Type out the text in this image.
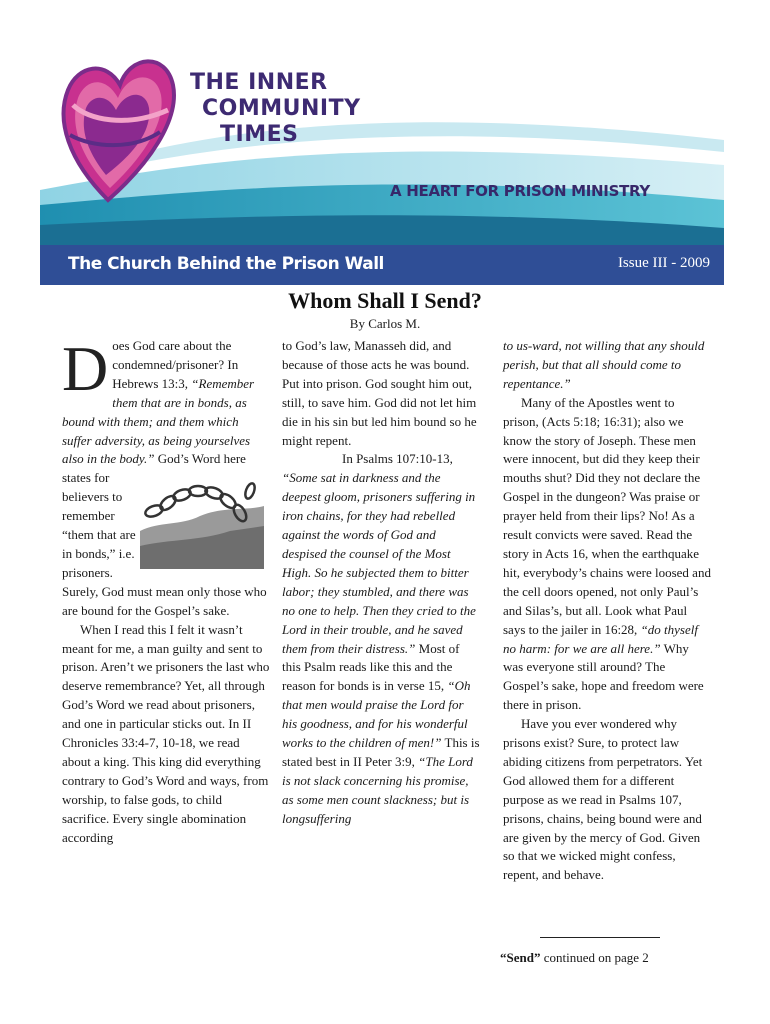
THE INNER
COMMUNITY
TIMES
A HEART FOR PRISON MINISTRY
The Church Behind the Prison Wall	Issue III - 2009
Whom Shall I Send?
By Carlos M.

Does God care about the condemned/prisoner? In Hebrews 13:3, “Remember them that are in bonds, as bound with them; and them which suffer adversity, as being yourselves also in the body.”
God’s Word here states for believers to remember “them that are in bonds,” i.e. prisoners. Surely, God must mean only those who are bound for the Gospel’s sake.

When I read this I felt it wasn’t meant for me, a man guilty and sent to prison. Aren’t we prisoners the last who deserve remembrance? Yet, all through God’s Word we read about prisoners, and one in particular sticks out. In II Chronicles 33:4-7, 10-18, we read about a king. This king did everything contrary to God’s Word and ways, from worship, to false gods, to child sacrifice. Every single abomination according

to God’s law, Manasseh did, and because of those acts he was bound. Put into prison. God sought him out, still, to save him. God did not let him die in his sin but led him bound so he might repent.

In Psalms 107:10-13,“Some sat in darkness and the deepest gloom, prisoners suffering in iron chains, for they had rebelled against the words of God and despised the counsel of the Most High. So he subjected them to bitter labor; they stumbled, and there was no one to help. Then they cried to the Lord in their trouble, and he saved them from their distress.” Most of this Psalm reads like this and the reason for bonds is in verse 15, “Oh that men would praise the Lord for his goodness, and for his wonderful works to the children of men!” This is stated best in II Peter 3:9, “The Lord is not slack concerning his promise, as some men count slackness; but is longsuffering

to us-ward, not willing that any should perish, but that all should come to repentance.”

Many of the Apostles went to prison, (Acts 5:18; 16:31); also we know the story of Joseph. These men were innocent, but did they keep their mouths shut? Did they not declare the Gospel in the dungeon? Was praise or prayer held from their lips? No! As a result convicts were saved. Read the story in Acts 16, when the earthquake hit, everybody’s chains were loosed and the cell doors opened, not only Paul’s and Silas’s, but all. Look what Paul says to the jailer in 16:28, “do thyself no harm: for we are all here.” Why was everyone still around? The Gospel’s sake, hope and freedom were there in prison.

Have you ever wondered why prisons exist? Sure, to protect law abiding citizens from perpetrators. Yet God allowed them for a different purpose as we read in Psalms 107, prisons, chains, being bound were and are given by the mercy of God. Given so that we wicked might confess, repent, and behave.

“Send” continued on page 2
